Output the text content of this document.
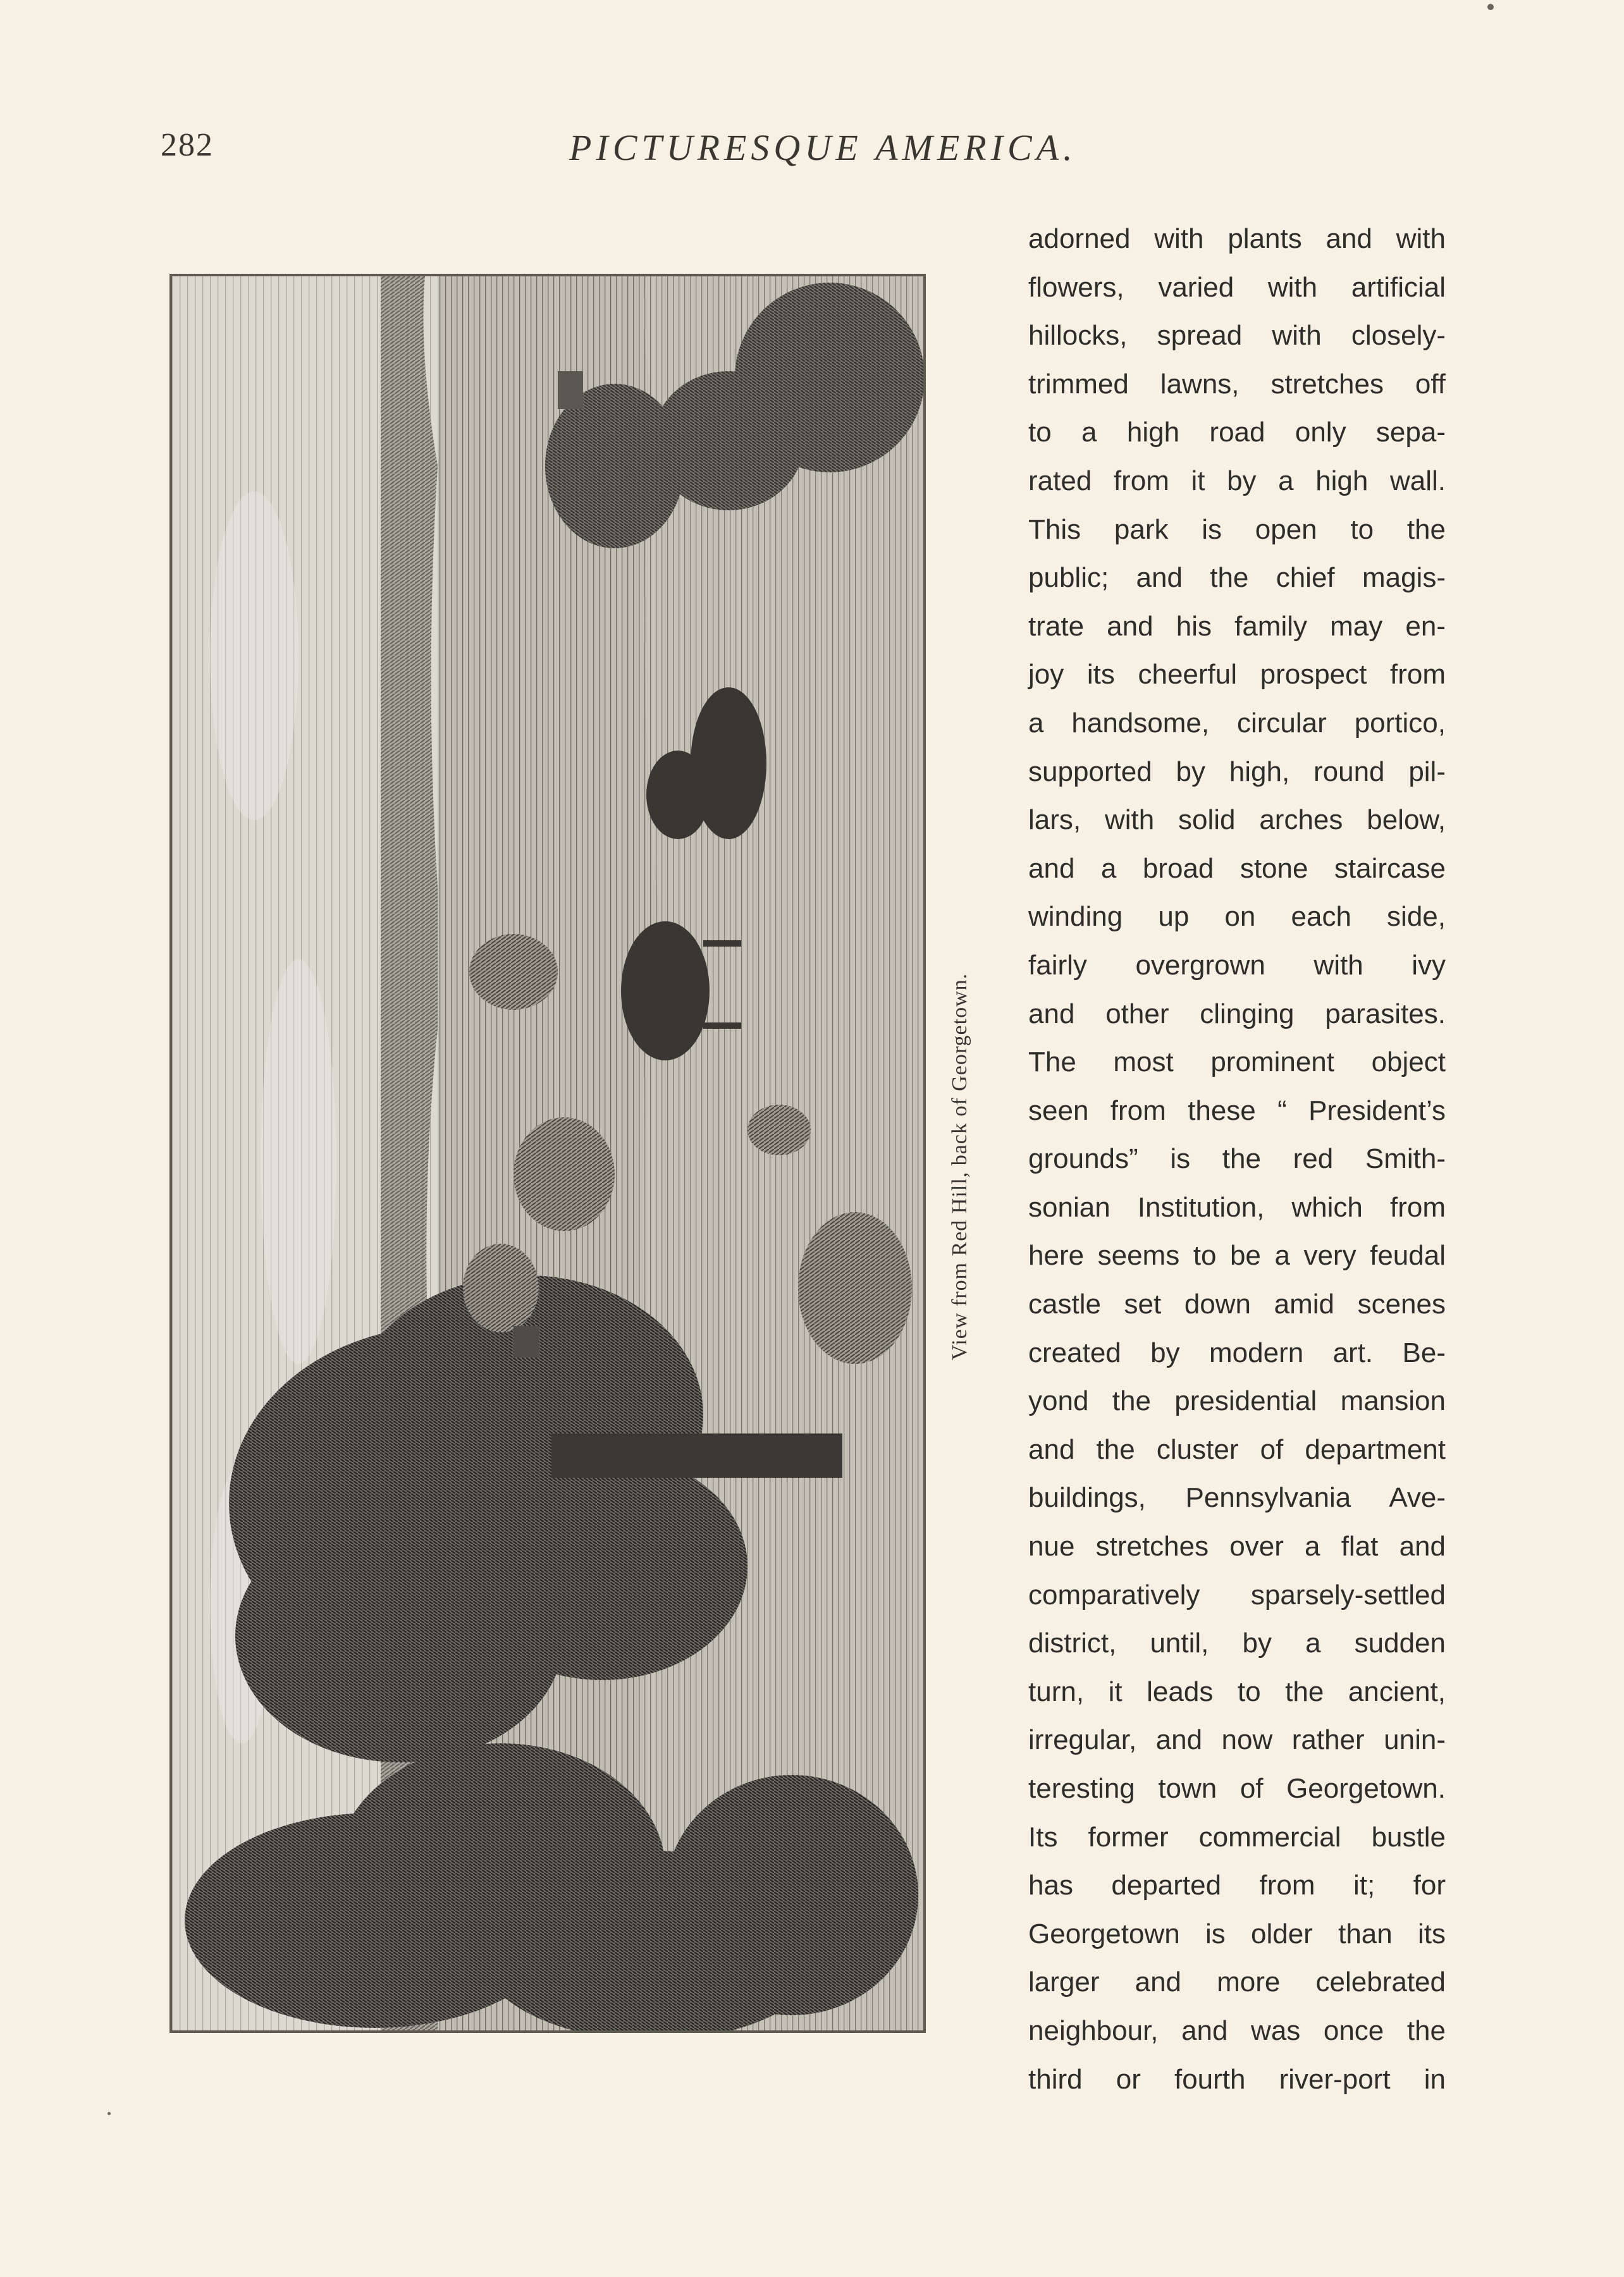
282	PICTURESQUE AMERICA.
View from Red Hill, back of Georgetown.
adorned with plants and with
flowers, varied with artificial
hillocks, spread with closely-
trimmed lawns, stretches off
to a high road only sepa-
rated from it by a high wall.
This park is open to the
public; and the chief magis-
trate and his family may en-
joy its cheerful prospect from
a handsome, circular portico,
supported by high, round pil-
lars, with solid arches below,
and a broad stone staircase
winding up on each side,
fairly overgrown with ivy
and other clinging parasites.
The most prominent object
seen from these “ President’s
grounds” is the red Smith-
sonian Institution, which from
here seems to be a very feudal
castle set down amid scenes
created by modern art. Be-
yond the presidential mansion
and the cluster of department
buildings, Pennsylvania Ave-
nue stretches over a flat and
comparatively sparsely-settled
district, until, by a sudden
turn, it leads to the ancient,
irregular, and now rather unin-
teresting town of Georgetown.
Its former commercial bustle
has departed from it; for
Georgetown is older than its
larger and more celebrated
neighbour, and was once the
third or fourth river-port in
